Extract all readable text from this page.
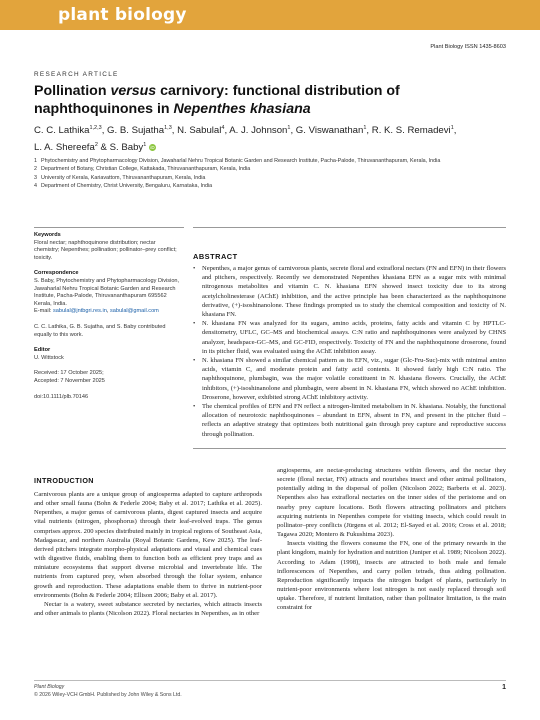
plant biology
Plant Biology ISSN 1435-8603
RESEARCH ARTICLE
Pollination versus carnivory: functional distribution of naphthoquinones in Nepenthes khasiana
C. C. Lathika$^{1,2,3}$, G. B. Sujatha$^{1,3}$, N. Sabulal$^4$, A. J. Johnson$^1$, G. Viswanathan$^1$, R. K. S. Remadevi$^1$,
L. A. Shereefa$^2$ & S. Baby$^1$ iD
1 Phytochemistry and Phytopharmacology Division, Jawaharlal Nehru Tropical Botanic Garden and Research Institute, Pacha-Palode, Thiruvananthapuram, Kerala, India
2 Department of Botany, Christian College, Kattakada, Thiruvananthapuram, Kerala, India
3 University of Kerala, Kariavattom, Thiruvananthapuram, Kerala, India
4 Department of Chemistry, Christ University, Bengaluru, Karnataka, India

Keywords

Floral nectar; naphthoquinone distribution; nectar chemistry; Nepenthes; pollination; pollinator–prey conflict; toxicity.

Correspondence

S. Baby, Phytochemistry and Phytopharmacology Division, Jawaharlal Nehru Tropical Botanic Garden and Research Institute, Pacha-Palode, Thiruvananthapuram 695562 Kerala, India.

E-mail: sabulal@jntbgri.res.in, sabulal@gmail.com

C. C. Lathika, G. B. Sujatha, and S. Baby contributed equally to this work.

Editor

U. Wittstock

Received: 17 October 2025;

Accepted: 7 November 2025

doi:10.1111/plb.70146

ABSTRACT
• Nepenthes, a major genus of carnivorous plants, secrete floral and extrafloral nectars (FN and EFN) in their flowers and pitchers, respectively. Recently we demonstrated Nepenthes khasiana EFN as a sugar mix with minimal nitrogenous metabolites and vitamin C. N. khasiana EFN showed insect toxicity due to its strong acetylcholinesterase (AChE) inhibition, and the active principle has been characterized as the naphthoquinone derivative, (+)-isoshinanolone. These findings prompted us to study the chemical composition and toxicity of N. khasiana FN.
• N. khasiana FN was analyzed for its sugars, amino acids, proteins, fatty acids and vitamin C by HPTLC-densitometry, UFLC, GC–MS and biochemical assays. C:N ratio and naphthoquinones were analyzed by CHNS analyzer, headspace-GC–MS, and GC-FID, respectively. Toxicity of FN and the naphthoquinone droserone, found in its pitcher fluid, was evaluated using the AChE inhibition assay.
• N. khasiana FN showed a similar chemical pattern as its EFN, viz., sugar (Glc-Fru-Suc)-mix with minimal amino acids, vitamin C, and moderate protein and fatty acid contents. It showed fairly high C:N ratio. The naphthoquinone, plumbagin, was the major volatile constituent in N. khasiana flowers. Crucially, the AChE inhibitors, (+)-isoshinanolone and plumbagin, were absent in N. khasiana FN, which showed no AChE inhibition. Droserone, however, exhibited strong AChE inhibitory activity.
• The chemical profiles of EFN and FN reflect a nitrogen-limited metabolism in N. khasiana. Notably, the functional allocation of neurotoxic naphthoquinones – abundant in EFN, absent in FN, and present in the pitcher fluid – reflects an adaptive strategy that optimizes both nutritional gain through prey capture and reproductive success through pollination.
INTRODUCTION

Carnivorous plants are a unique group of angiosperms adapted to capture arthropods and other small fauna (Bohn & Federle 2004; Baby et al. 2017; Lathika et al. 2025). Nepenthes, a major genus of carnivorous plants, digest captured insects and acquire vital nutrients (nitrogen, phosphorus) through their leaf-evolved traps. The genus comprises approx. 200 species distributed mainly in tropical regions of Southeast Asia, Madagascar, and northern Australia (Royal Botanic Gardens, Kew 2025). The leaf-derived pitchers integrate morpho-physical adaptations and visual and chemical cues with digestive fluids, enabling them to function both as efficient prey traps and as miniature ecosystems that support diverse microbial and invertebrate life. The nutrients from captured prey, when absorbed through the foliar system, enhance growth and reproduction. These adaptations enable them to thrive in nutrient-poor environments (Bohn & Federle 2004; Ellison 2006; Baby et al. 2017).

Nectar is a watery, sweet substance secreted by nectaries, which attracts insects and other animals to plants (Nicolson 2022). Floral nectaries in Nepenthes, as in other

angiosperms, are nectar-producing structures within flowers, and the nectar they secrete (floral nectar, FN) attracts and nourishes insect and other animal pollinators, potentially aiding in the dispersal of pollen (Nicolson 2022; Barberis et al. 2023). Nepenthes also has extrafloral nectaries on the inner sides of the peristome and on nearby prey capture locations. Both flowers attracting pollinators and pitchers acquiring nutrients in Nepenthes compete for visiting insects, which could result in pollinator–prey conflicts (Jürgens et al. 2012; El-Sayed et al. 2016; Cross et al. 2018; Tagawa 2020; Montero & Fukushima 2023).

Insects visiting the flowers consume the FN, one of the primary rewards in the plant kingdom, mainly for hydration and nutrition (Juniper et al. 1989; Nicolson 2022). According to Adam (1998), insects are attracted to both male and female inflorescences of Nepenthes, and carry pollen tetrads, thus aiding pollination. Reproduction significantly impacts the nitrogen budget of plants, particularly in nutrient-poor environments where lost nitrogen is not easily replaced through soil uptake. Therefore, if nutrient limitation, rather than pollinator limitation, is the main constraint for

Plant Biology
© 2026 Wiley-VCH GmbH. Published by John Wiley & Sons Ltd.
1
